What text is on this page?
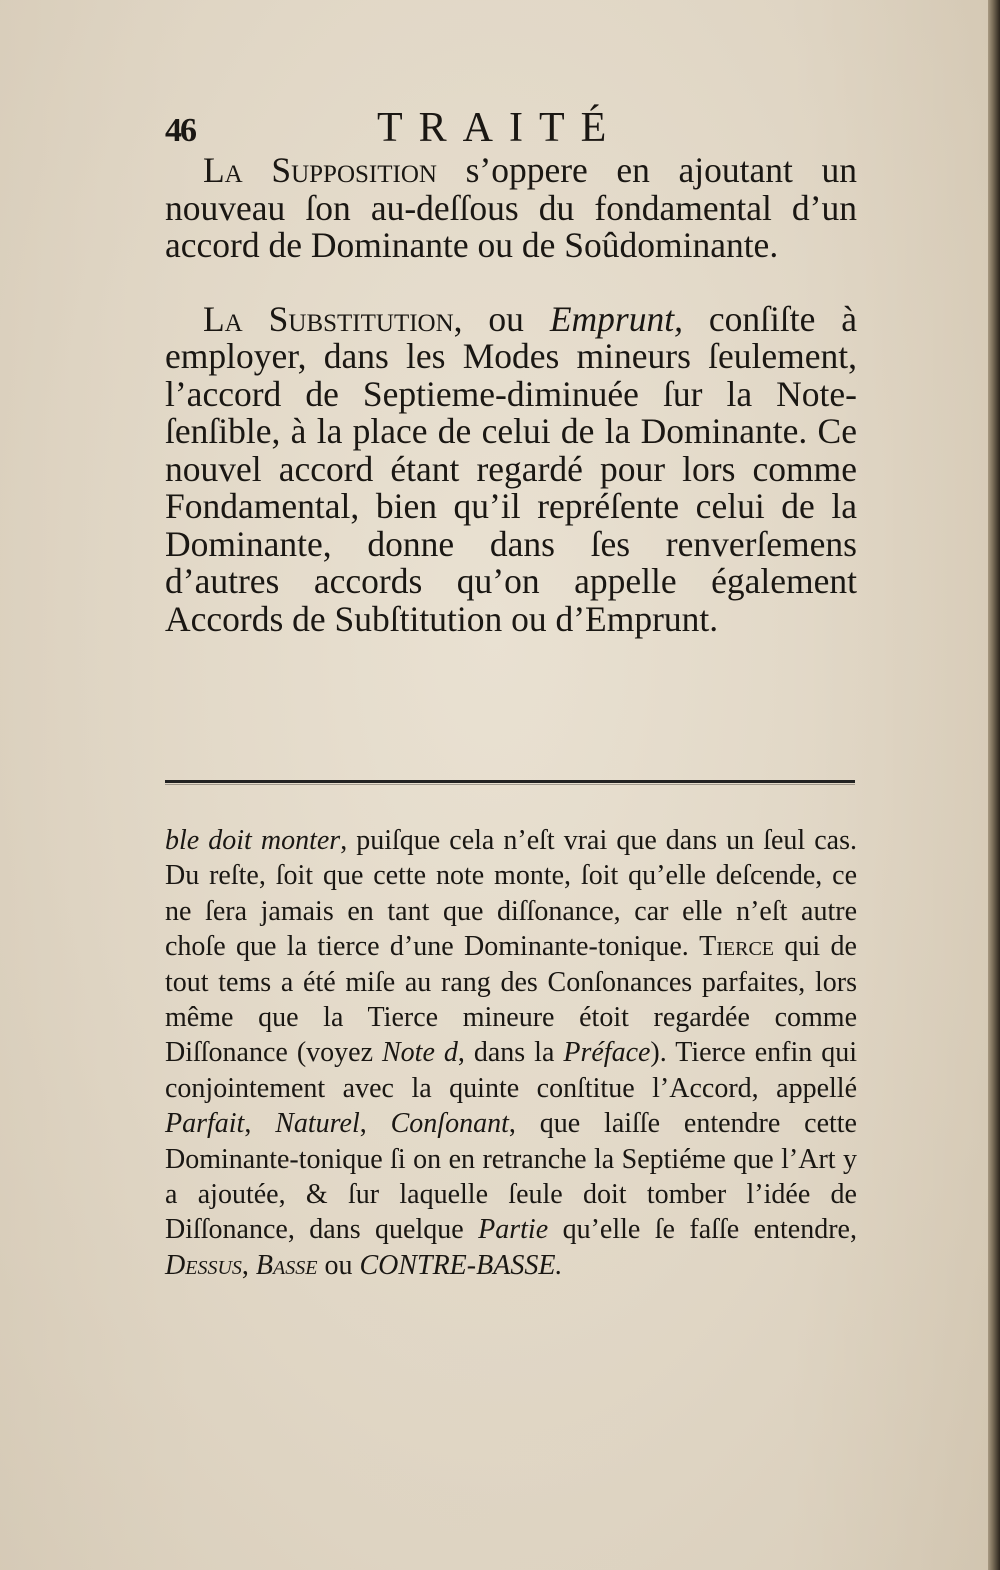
46	TRAITÉ

La Supposition s’oppere en ajoutant un nouveau ſon au-deſſous du fondamental d’un accord de Dominante ou de Soûdominante.

La Substitution, ou Emprunt, conſiſte à employer, dans les Modes mineurs ſeulement, l’accord de Septieme-diminuée ſur la Note-ſenſible, à la place de celui de la Dominante. Ce nouvel accord étant regardé pour lors comme Fondamental, bien qu’il repréſente celui de la Dominante, donne dans ſes renverſemens d’autres accords qu’on appelle également Accords de Subſtitution ou d’Emprunt.

ble doit monter, puiſque cela n’eſt vrai que dans un ſeul cas. Du reſte, ſoit que cette note monte, ſoit qu’elle deſcende, ce ne ſera jamais en tant que diſſonance, car elle n’eſt autre choſe que la tierce d’une Dominante-tonique. Tierce qui de tout tems a été miſe au rang des Conſonances parfaites, lors même que la Tierce mineure étoit regardée comme Diſſonance (voyez Note d, dans la Préface). Tierce enfin qui conjointement avec la quinte conſtitue l’Accord, appellé Parfait, Naturel, Conſonant, que laiſſe entendre cette Dominante-tonique ſi on en retranche la Septiéme que l’Art y a ajoutée, & ſur laquelle ſeule doit tomber l’idée de Diſſonance, dans quelque Partie qu’elle ſe faſſe entendre, Dessus, Basse ou CONTRE-BASSE.
